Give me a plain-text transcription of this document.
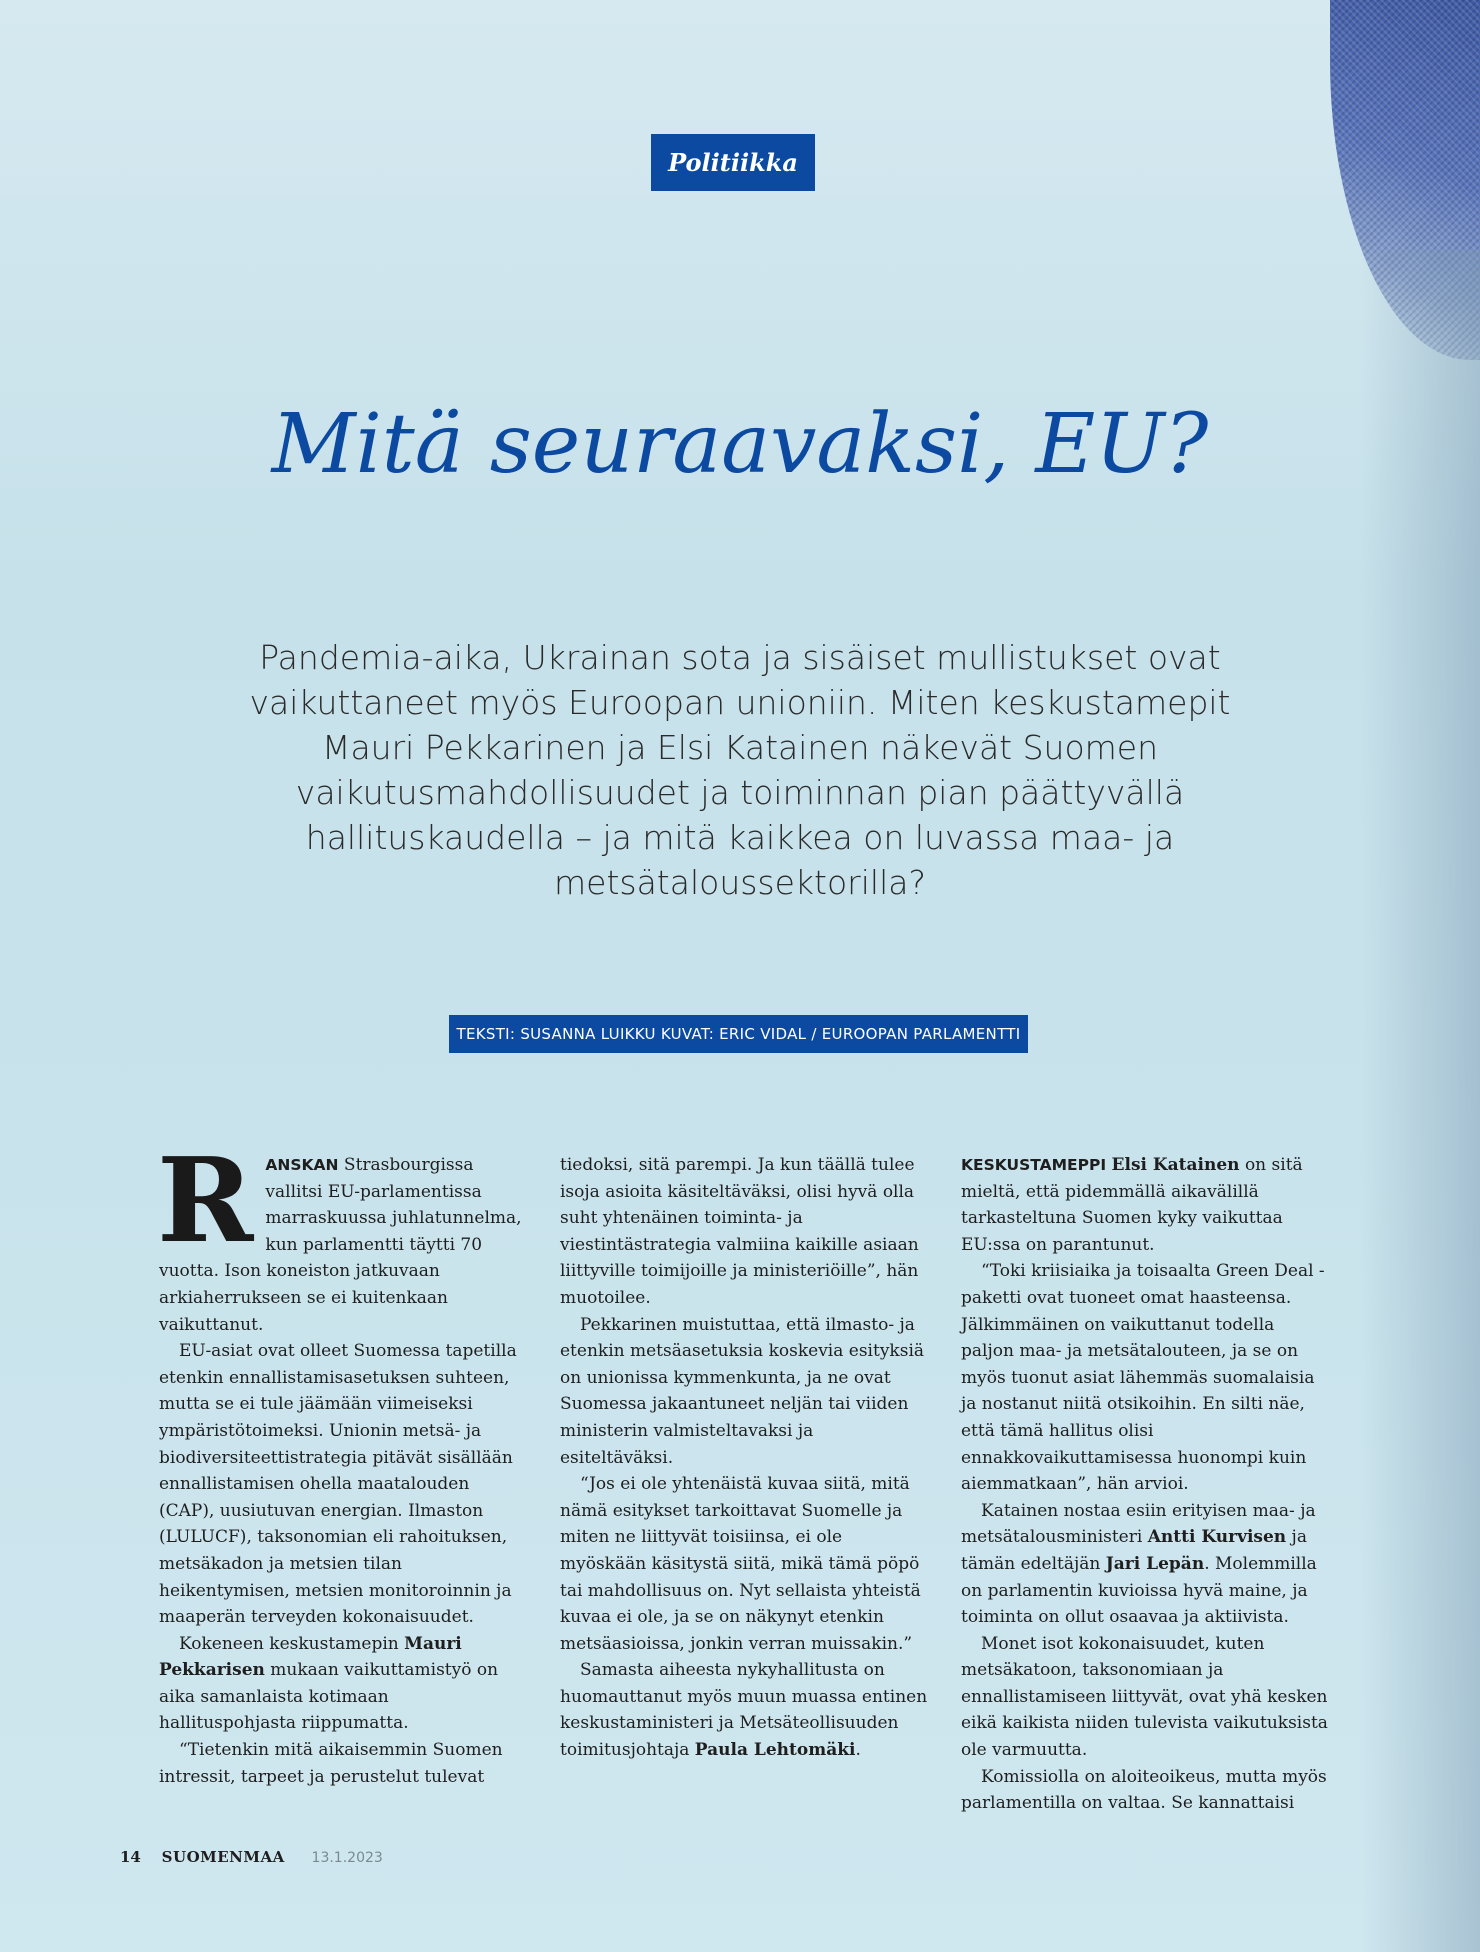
Politiikka
Mitä seuraavaksi, EU?

Pandemia-aika, Ukrainan sota ja sisäiset mullistukset ovat vaikuttaneet myös Euroopan unioniin. Miten keskustamepit Mauri Pekkarinen ja Elsi Katainen näkevät Suomen vaikutusmahdollisuudet ja toiminnan pian päättyvällä hallituskaudella – ja mitä kaikkea on luvassa maa- ja metsätaloussektorilla?

TEKSTI: SUSANNA LUIKKU KUVAT: ERIC VIDAL / EUROOPAN PARLAMENTTI

RANSKAN Strasbourgissa vallitsi EU-parlamentissa marraskuussa juhlatunnelma, kun parlamentti täytti 70 vuotta. Ison koneiston jatkuvaan arkiaherrukseen se ei kuitenkaan vaikuttanut.

EU-asiat ovat olleet Suomessa tapetilla etenkin ennallistamisasetuksen suhteen, mutta se ei tule jäämään viimeiseksi ympäristötoimeksi. Unionin metsä- ja biodiversiteettistrategia pitävät sisällään ennallistamisen ohella maatalouden (CAP), uusiutuvan energian. Ilmaston (LULUCF), taksonomian eli rahoituksen, metsäkadon ja metsien tilan heikentymisen, metsien monitoroinnin ja maaperän terveyden kokonaisuudet.

Kokeneen keskustamepin Mauri Pekkarisen mukaan vaikuttamistyö on aika samanlaista kotimaan hallituspohjasta riippumatta.

“Tietenkin mitä aikaisemmin Suomen intressit, tarpeet ja perustelut tulevat

tiedoksi, sitä parempi. Ja kun täällä tulee isoja asioita käsiteltäväksi, olisi hyvä olla suht yhtenäinen toiminta- ja viestintästrategia valmiina kaikille asiaan liittyville toimijoille ja ministeriöille”, hän muotoilee.

Pekkarinen muistuttaa, että ilmasto- ja etenkin metsäasetuksia koskevia esityksiä on unionissa kymmenkunta, ja ne ovat Suomessa jakaantuneet neljän tai viiden ministerin valmisteltavaksi ja esiteltäväksi.

“Jos ei ole yhtenäistä kuvaa siitä, mitä nämä esitykset tarkoittavat Suomelle ja miten ne liittyvät toisiinsa, ei ole myöskään käsitystä siitä, mikä tämä pöpö tai mahdollisuus on. Nyt sellaista yhteistä kuvaa ei ole, ja se on näkynyt etenkin metsäasioissa, jonkin verran muissakin.”

Samasta aiheesta nykyhallitusta on huomauttanut myös muun muassa entinen keskustaministeri ja Metsäteollisuuden toimitusjohtaja Paula Lehtomäki.

KESKUSTAMEPPI Elsi Katainen on sitä mieltä, että pidemmällä aikavälillä tarkasteltuna Suomen kyky vaikuttaa EU:ssa on parantunut.

“Toki kriisiaika ja toisaalta Green Deal -paketti ovat tuoneet omat haasteensa. Jälkimmäinen on vaikuttanut todella paljon maa- ja metsätalouteen, ja se on myös tuonut asiat lähemmäs suomalaisia ja nostanut niitä otsikoihin. En silti näe, että tämä hallitus olisi ennakkovaikuttamisessa huonompi kuin aiemmatkaan”, hän arvioi.

Katainen nostaa esiin erityisen maa- ja metsätalousministeri Antti Kurvisen ja tämän edeltäjän Jari Lepän. Molemmilla on parlamentin kuvioissa hyvä maine, ja toiminta on ollut osaavaa ja aktiivista.

Monet isot kokonaisuudet, kuten metsäkatoon, taksonomiaan ja ennallistamiseen liittyvät, ovat yhä kesken eikä kaikista niiden tulevista vaikutuksista ole varmuutta.

Komissiolla on aloiteoikeus, mutta myös parlamentilla on valtaa. Se kannattaisi

14 SUOMENMAA 13.1.2023
